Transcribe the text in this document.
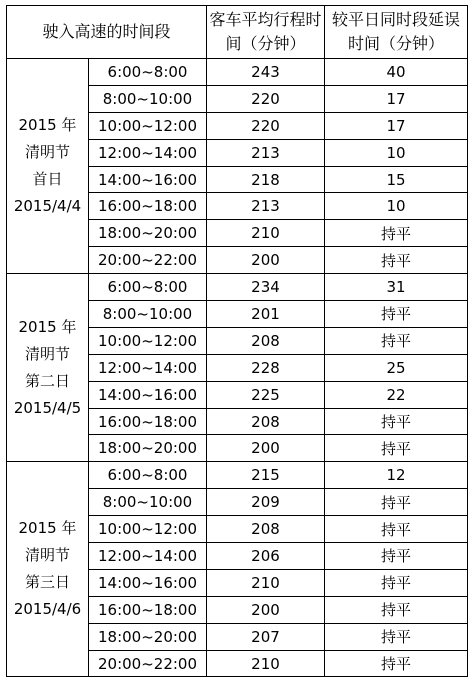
驶入高速的时间段		客车平均行程时间（分钟）	较平日同时段延误时间（分钟）

2015 年
清明节
首日
2015/4/4	6:00~8:00	243	40
	8:00~10:00	220	17
	10:00~12:00	220	17
	12:00~14:00	213	10
	14:00~16:00	218	15
	16:00~18:00	213	10
	18:00~20:00	210	持平
	20:00~22:00	200	持平

2015 年
清明节
第二日
2015/4/5	6:00~8:00	234	31
	8:00~10:00	201	持平
	10:00~12:00	208	持平
	12:00~14:00	228	25
	14:00~16:00	225	22
	16:00~18:00	208	持平
	18:00~20:00	200	持平

2015 年
清明节
第三日
2015/4/6	6:00~8:00	215	12
	8:00~10:00	209	持平
	10:00~12:00	208	持平
	12:00~14:00	206	持平
	14:00~16:00	210	持平
	16:00~18:00	200	持平
	18:00~20:00	207	持平
	20:00~22:00	210	持平
